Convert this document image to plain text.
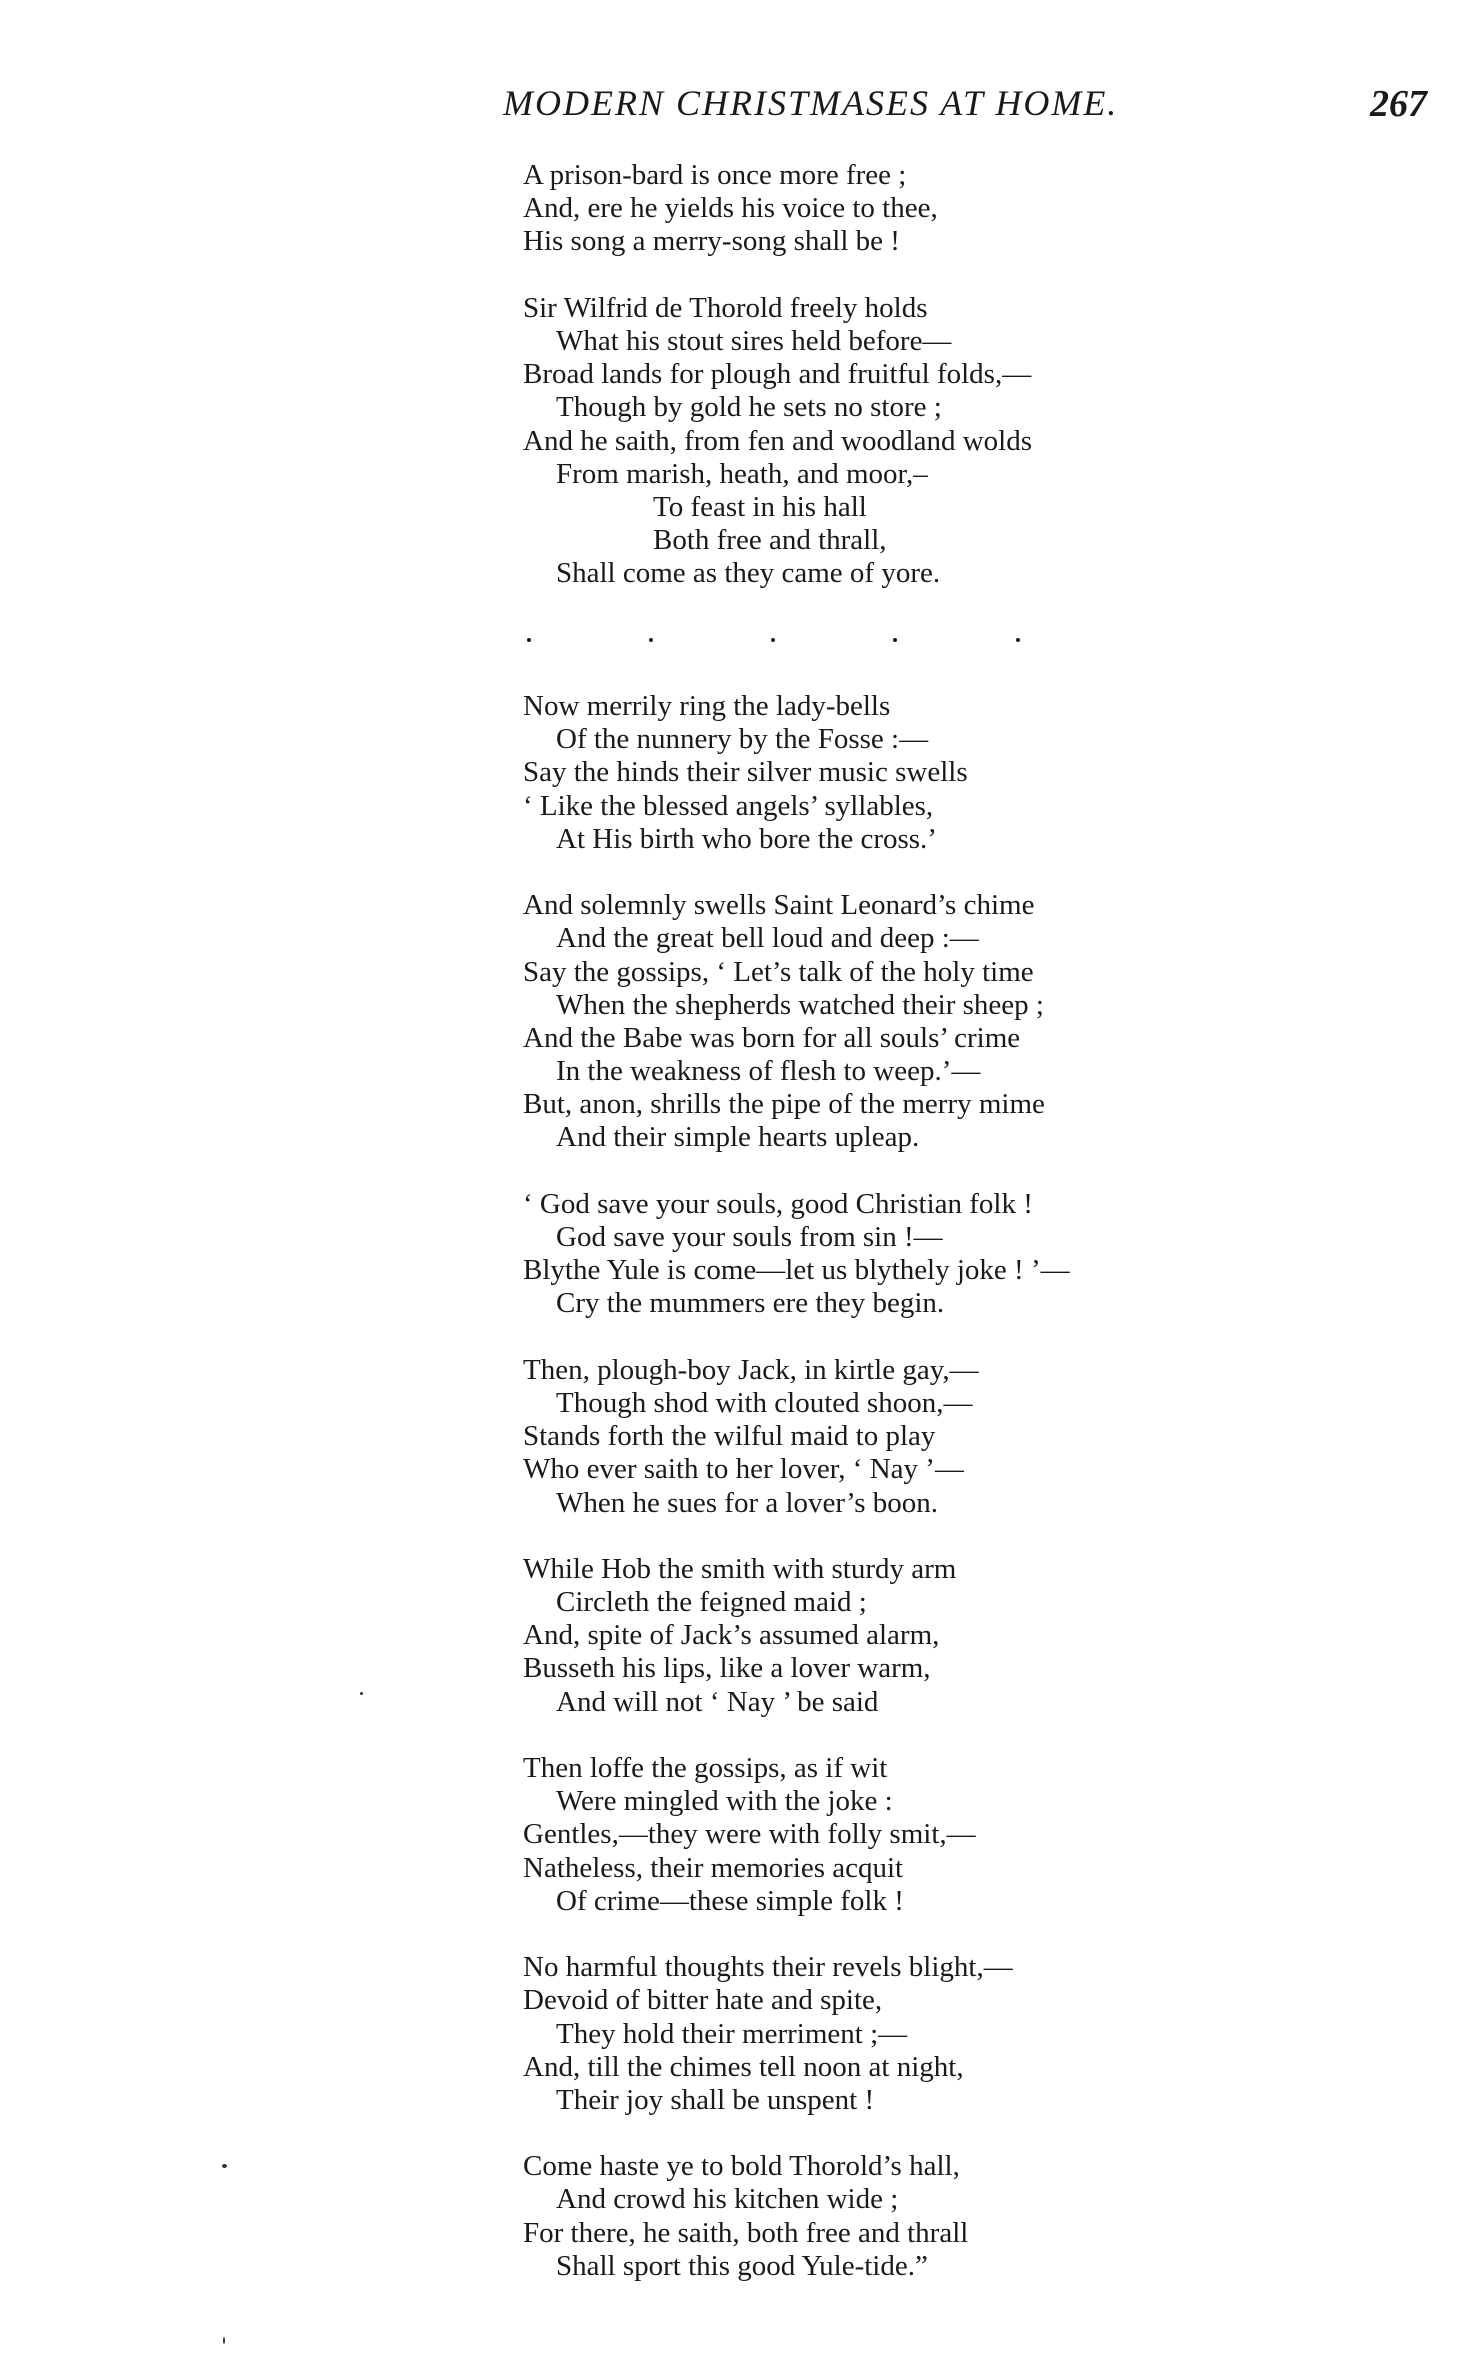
MODERN CHRISTMASES AT HOME.	267
A prison-bard is once more free ;
And, ere he yields his voice to thee,
His song a merry-song shall be !
Sir Wilfrid de Thorold freely holds
What his stout sires held before—
Broad lands for plough and fruitful folds,—
Though by gold he sets no store ;
And he saith, from fen and woodland wolds
From marish, heath, and moor,–
To feast in his hall
Both free and thrall,
Shall come as they came of yore.
Now merrily ring the lady-bells
Of the nunnery by the Fosse :—
Say the hinds their silver music swells
‘ Like the blessed angels’ syllables,
At His birth who bore the cross.’
And solemnly swells Saint Leonard’s chime
And the great bell loud and deep :—
Say the gossips, ‘ Let’s talk of the holy time
When the shepherds watched their sheep ;
And the Babe was born for all souls’ crime
In the weakness of flesh to weep.’—
But, anon, shrills the pipe of the merry mime
And their simple hearts upleap.
‘ God save your souls, good Christian folk !
God save your souls from sin !—
Blythe Yule is come—let us blythely joke ! ’—
Cry the mummers ere they begin.
Then, plough-boy Jack, in kirtle gay,—
Though shod with clouted shoon,—
Stands forth the wilful maid to play
Who ever saith to her lover, ‘ Nay ’—
When he sues for a lover’s boon.
While Hob the smith with sturdy arm
Circleth the feigned maid ;
And, spite of Jack’s assumed alarm,
Busseth his lips, like a lover warm,
And will not ‘ Nay ’ be said
Then loffe the gossips, as if wit
Were mingled with the joke :
Gentles,—they were with folly smit,—
Natheless, their memories acquit
Of crime—these simple folk !
No harmful thoughts their revels blight,—
Devoid of bitter hate and spite,
They hold their merriment ;—
And, till the chimes tell noon at night,
Their joy shall be unspent !
Come haste ye to bold Thorold’s hall,
And crowd his kitchen wide ;
For there, he saith, both free and thrall
Shall sport this good Yule-tide.”
